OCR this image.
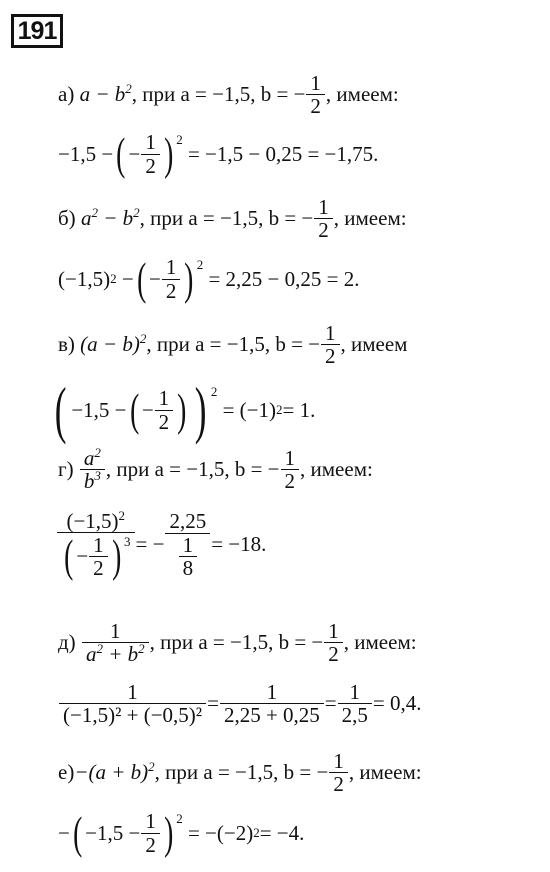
191
а)
$a - b^2$ , при a = −1,5, b = − $\frac{1}{2}$ , имеем:
−1,5 − ( − $\frac{1}{2}$ ) 2

= −1,5 − 0,25 = −1,75.
б)
$a^2 - b^2$ , при a = −1,5, b = − $\frac{1}{2}$ , имеем:
(−1,5) 2 − ( − $\frac{1}{2}$ ) 2

= 2,25 − 0,25 = 2.
в)
$(a - b)^2$ , при a = −1,5, b = − $\frac{1}{2}$ , имеем
( −1,5 − ( − $\frac{1}{2}$ ) ) 2

= (−1) 2 = 1.
г)
$\frac{a^2}{b^3}$ , при a = −1,5, b = − $\frac{1}{2}$ , имеем:
$\frac{(-1,5)^2}{( - \frac{1}{2} ) 3}$ = − $\frac{2,25}{\frac{1}{8}} = -18$.
д)
$\frac{1}{a^2 + b^2}$ , при a = −1,5, b = − $\frac{1}{2}$ , имеем:
$\frac{1}{\text{(−1,5)² + (−0,5)²}} = \frac{1}{2,25 + 0,25} = \frac{1}{2,5} = 0,4$.
$е) -(a + b)^2$ , при a = −1,5, b = − $\frac{1}{2}$ , имеем:
− ( $-1,5 - \frac{1}{2}$ ) 2

= −(−2) 2 = −4.
